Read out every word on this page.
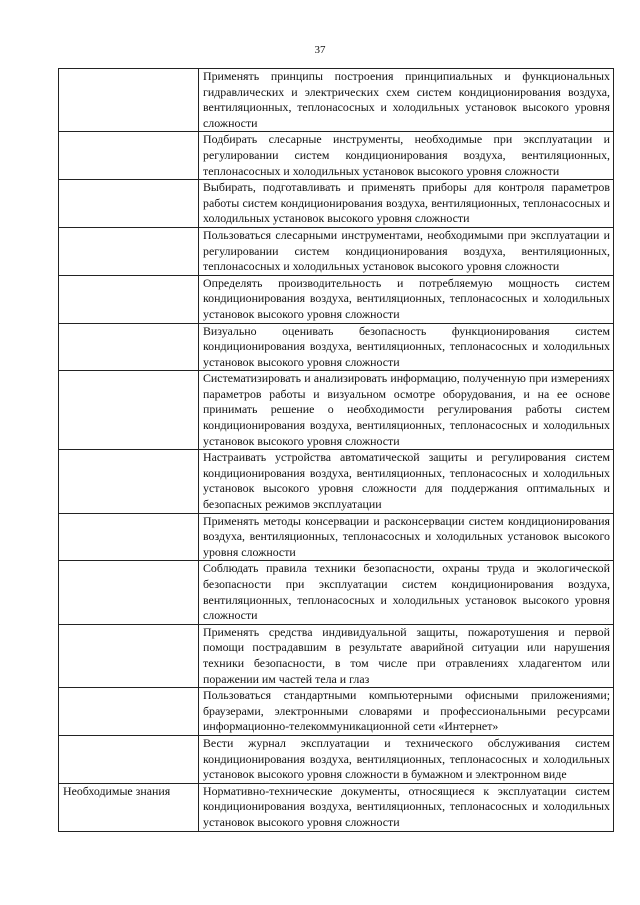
37

	Применять принципы построения принципиальных и функциональных гидравлических и электрических схем систем кондиционирования воздуха, вентиляционных, теплонасосных и холодильных установок высокого уровня сложности

	Подбирать слесарные инструменты, необходимые при эксплуатации и регулировании систем кондиционирования воздуха, вентиляционных, теплонасосных и холодильных установок высокого уровня сложности

	Выбирать, подготавливать и применять приборы для контроля параметров работы систем кондиционирования воздуха, вентиляционных, теплонасосных и холодильных установок высокого уровня сложности

	Пользоваться слесарными инструментами, необходимыми при эксплуатации и регулировании систем кондиционирования воздуха, вентиляционных, теплонасосных и холодильных установок высокого уровня сложности

	Определять производительность и потребляемую мощность систем кондиционирования воздуха, вентиляционных, теплонасосных и холодильных установок высокого уровня сложности

	Визуально оценивать безопасность функционирования систем кондиционирования воздуха, вентиляционных, теплонасосных и холодильных установок высокого уровня сложности

	Систематизировать и анализировать информацию, полученную при измерениях параметров работы и визуальном осмотре оборудования, и на ее основе принимать решение о необходимости регулирования работы систем кондиционирования воздуха, вентиляционных, теплонасосных и холодильных установок высокого уровня сложности

	Настраивать устройства автоматической защиты и регулирования систем кондиционирования воздуха, вентиляционных, теплонасосных и холодильных установок высокого уровня сложности для поддержания оптимальных и безопасных режимов эксплуатации

	Применять методы консервации и расконсервации систем кондиционирования воздуха, вентиляционных, теплонасосных и холодильных установок высокого уровня сложности

	Соблюдать правила техники безопасности, охраны труда и экологической безопасности при эксплуатации систем кондиционирования воздуха, вентиляционных, теплонасосных и холодильных установок высокого уровня сложности

	Применять средства индивидуальной защиты, пожаротушения и первой помощи пострадавшим в результате аварийной ситуации или нарушения техники безопасности, в том числе при отравлениях хладагентом или поражении им частей тела и глаз

	Пользоваться стандартными компьютерными офисными приложениями; браузерами, электронными словарями и профессиональными ресурсами информационно-телекоммуникационной сети «Интернет»

	Вести журнал эксплуатации и технического обслуживания систем кондиционирования воздуха, вентиляционных, теплонасосных и холодильных установок высокого уровня сложности в бумажном и электронном виде

Необходимые знания	Нормативно-технические документы, относящиеся к эксплуатации систем кондиционирования воздуха, вентиляционных, теплонасосных и холодильных установок высокого уровня сложности
